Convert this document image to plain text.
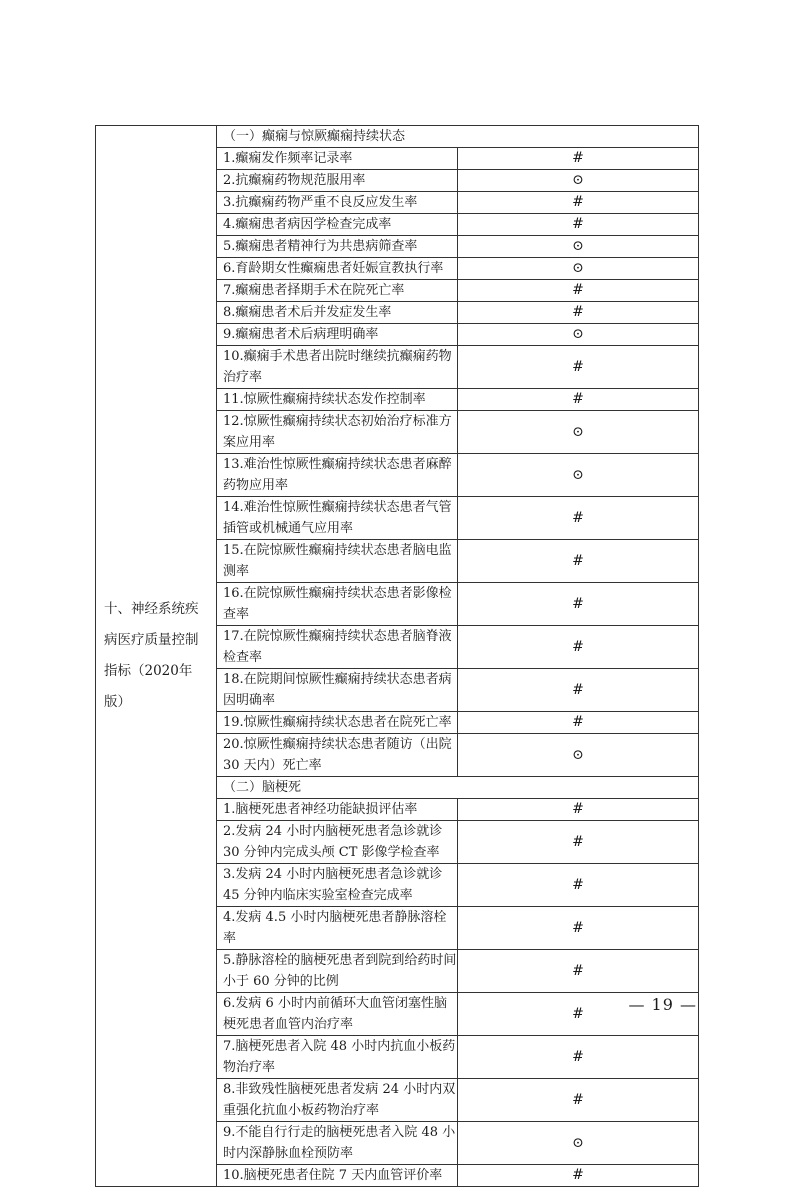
十、神经系统疾病医疗质量控制指标（2020年版）	（一）癫痫与惊厥癫痫持续状态	
	1.癫痫发作频率记录率	#
	2.抗癫痫药物规范服用率	⊙
	3.抗癫痫药物严重不良反应发生率	#
	4.癫痫患者病因学检查完成率	#
	5.癫痫患者精神行为共患病筛查率	⊙
	6.育龄期女性癫痫患者妊娠宣教执行率	⊙
	7.癫痫患者择期手术在院死亡率	#
	8.癫痫患者术后并发症发生率	#
	9.癫痫患者术后病理明确率	⊙
	10.癫痫手术患者出院时继续抗癫痫药物治疗率	#
	11.惊厥性癫痫持续状态发作控制率	#
	12.惊厥性癫痫持续状态初始治疗标准方案应用率	⊙
	13.难治性惊厥性癫痫持续状态患者麻醉药物应用率	⊙
	14.难治性惊厥性癫痫持续状态患者气管插管或机械通气应用率	#
	15.在院惊厥性癫痫持续状态患者脑电监测率	#
	16.在院惊厥性癫痫持续状态患者影像检查率	#
	17.在院惊厥性癫痫持续状态患者脑脊液检查率	#
	18.在院期间惊厥性癫痫持续状态患者病因明确率	#
	19.惊厥性癫痫持续状态患者在院死亡率	#
	20.惊厥性癫痫持续状态患者随访（出院 30 天内）死亡率	⊙
	（二）脑梗死	
	1.脑梗死患者神经功能缺损评估率	#
	2.发病 24 小时内脑梗死患者急诊就诊 30 分钟内完成头颅 CT 影像学检查率	#
	3.发病 24 小时内脑梗死患者急诊就诊 45 分钟内临床实验室检查完成率	#
	4.发病 4.5 小时内脑梗死患者静脉溶栓率	#
	5.静脉溶栓的脑梗死患者到院到给药时间小于 60 分钟的比例	#
	6.发病 6 小时内前循环大血管闭塞性脑梗死患者血管内治疗率	#
	7.脑梗死患者入院 48 小时内抗血小板药物治疗率	#
	8.非致残性脑梗死患者发病 24 小时内双重强化抗血小板药物治疗率	#
	9.不能自行行走的脑梗死患者入院 48 小时内深静脉血栓预防率	⊙
	10.脑梗死患者住院 7 天内血管评价率	#
— 19 —
